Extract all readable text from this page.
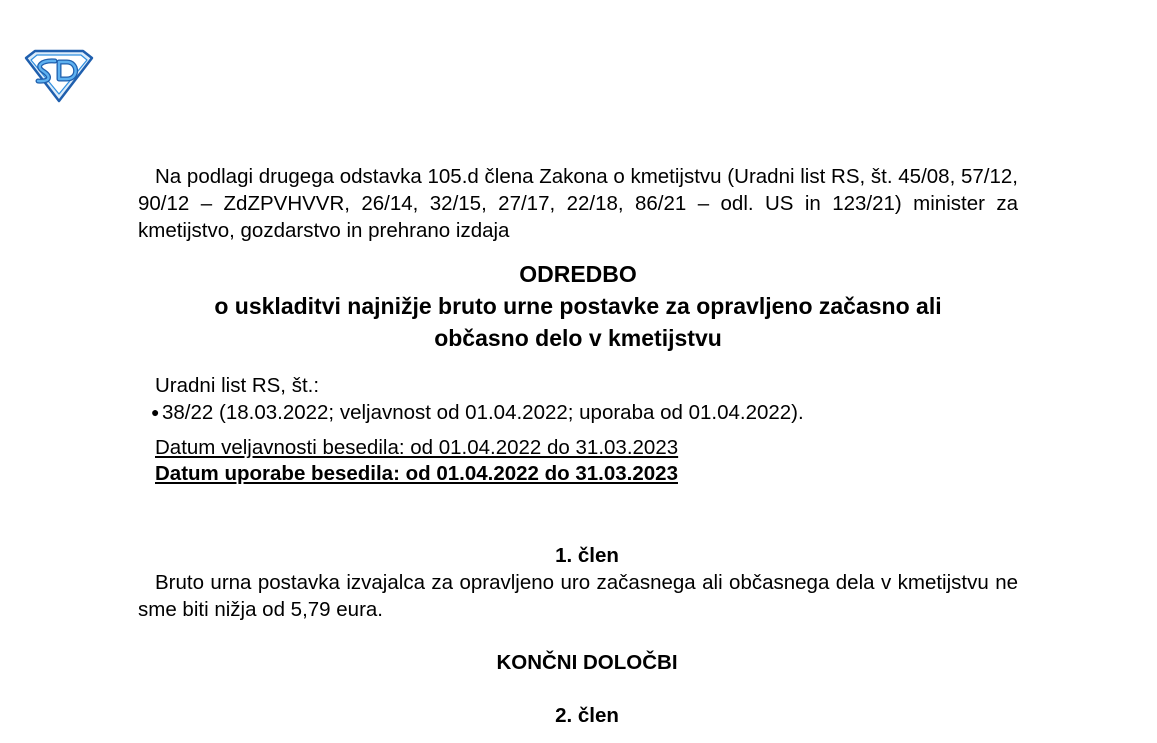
Na podlagi drugega odstavka 105.d člena Zakona o kmetijstvu (Uradni list RS, št. 45/08, 57/12, 90/12 – ZdZPVHVVR, 26/14, 32/15, 27/17, 22/18, 86/21 – odl. US in 123/21) minister za kmetijstvo, gozdarstvo in prehrano izdaja

ODREDBO
o uskladitvi najnižje bruto urne postavke za opravljeno začasno ali
občasno delo v kmetijstvu
Uradni list RS, št.:
● 38/22 (18.03.2022; veljavnost od 01.04.2022; uporaba od 01.04.2022).
Datum veljavnosti besedila: od 01.04.2022 do 31.03.2023
Datum uporabe besedila: od 01.04.2022 do 31.03.2023
1. člen

Bruto urna postavka izvajalca za opravljeno uro začasnega ali občasnega dela v kmetijstvu ne sme biti nižja od 5,79 eura.

KONČNI DOLOČBI
2. člen
